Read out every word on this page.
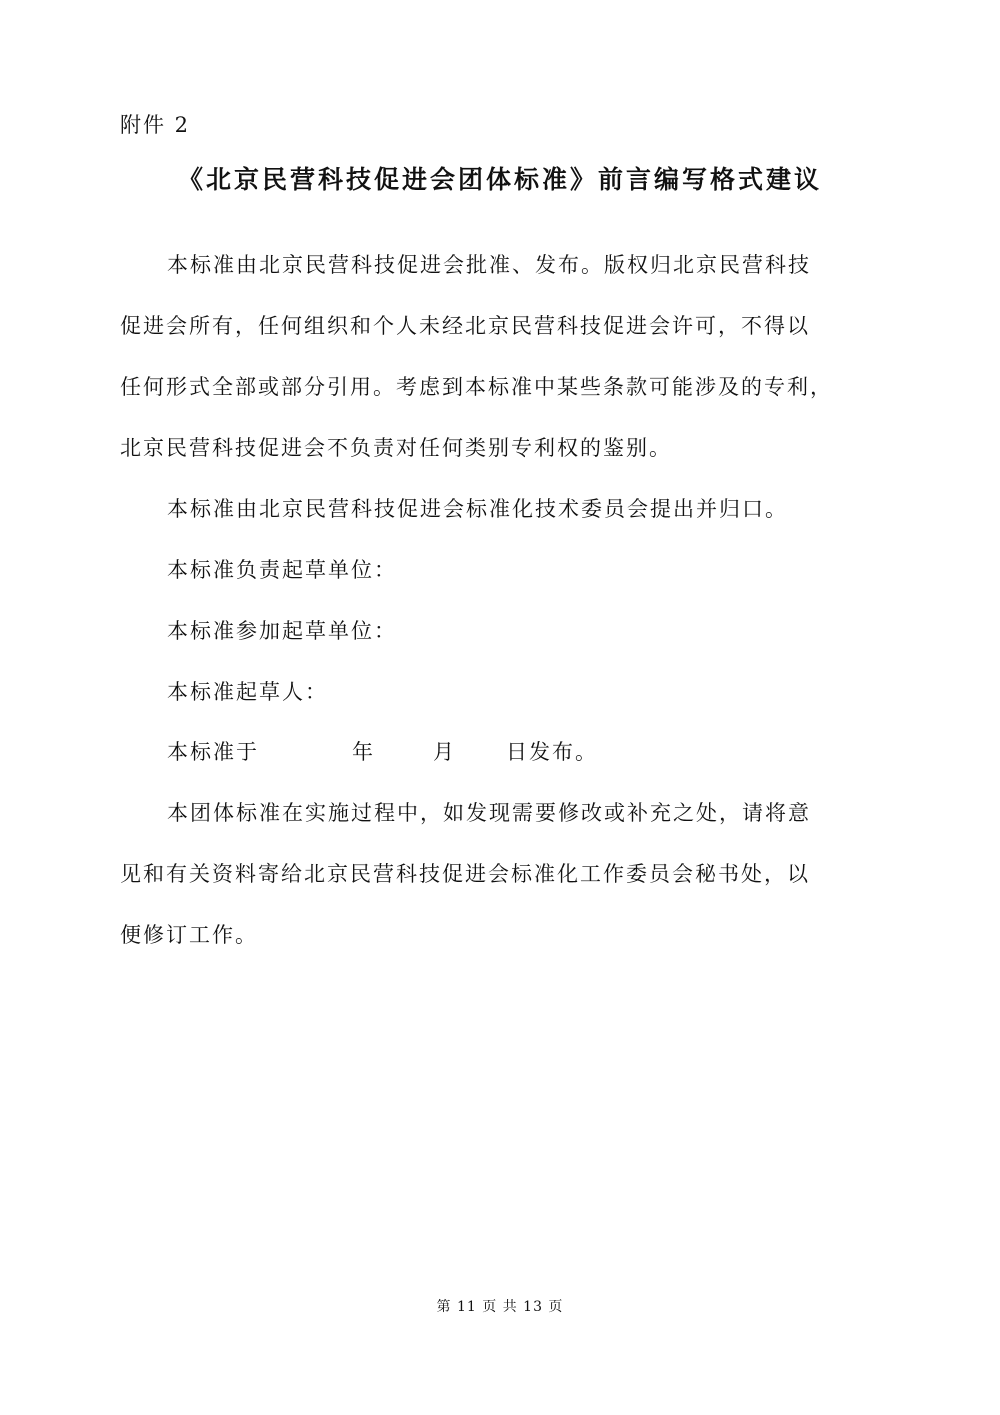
附件 2
《北京民营科技促进会团体标准》前言编写格式建议
本标准由北京民营科技促进会批准、发布。版权归北京民营科技
促进会所有，任何组织和个人未经北京民营科技促进会许可，不得以
任何形式全部或部分引用。考虑到本标准中某些条款可能涉及的专利，
北京民营科技促进会不负责对任何类别专利权的鉴别。
本标准由北京民营科技促进会标准化技术委员会提出并归口。
本标准负责起草单位：
本标准参加起草单位：
本标准起草人：
本标准于	年	月 日发布。
本团体标准在实施过程中，如发现需要修改或补充之处，请将意
见和有关资料寄给北京民营科技促进会标准化工作委员会秘书处，以
便修订工作。
第 11 页 共 13 页
